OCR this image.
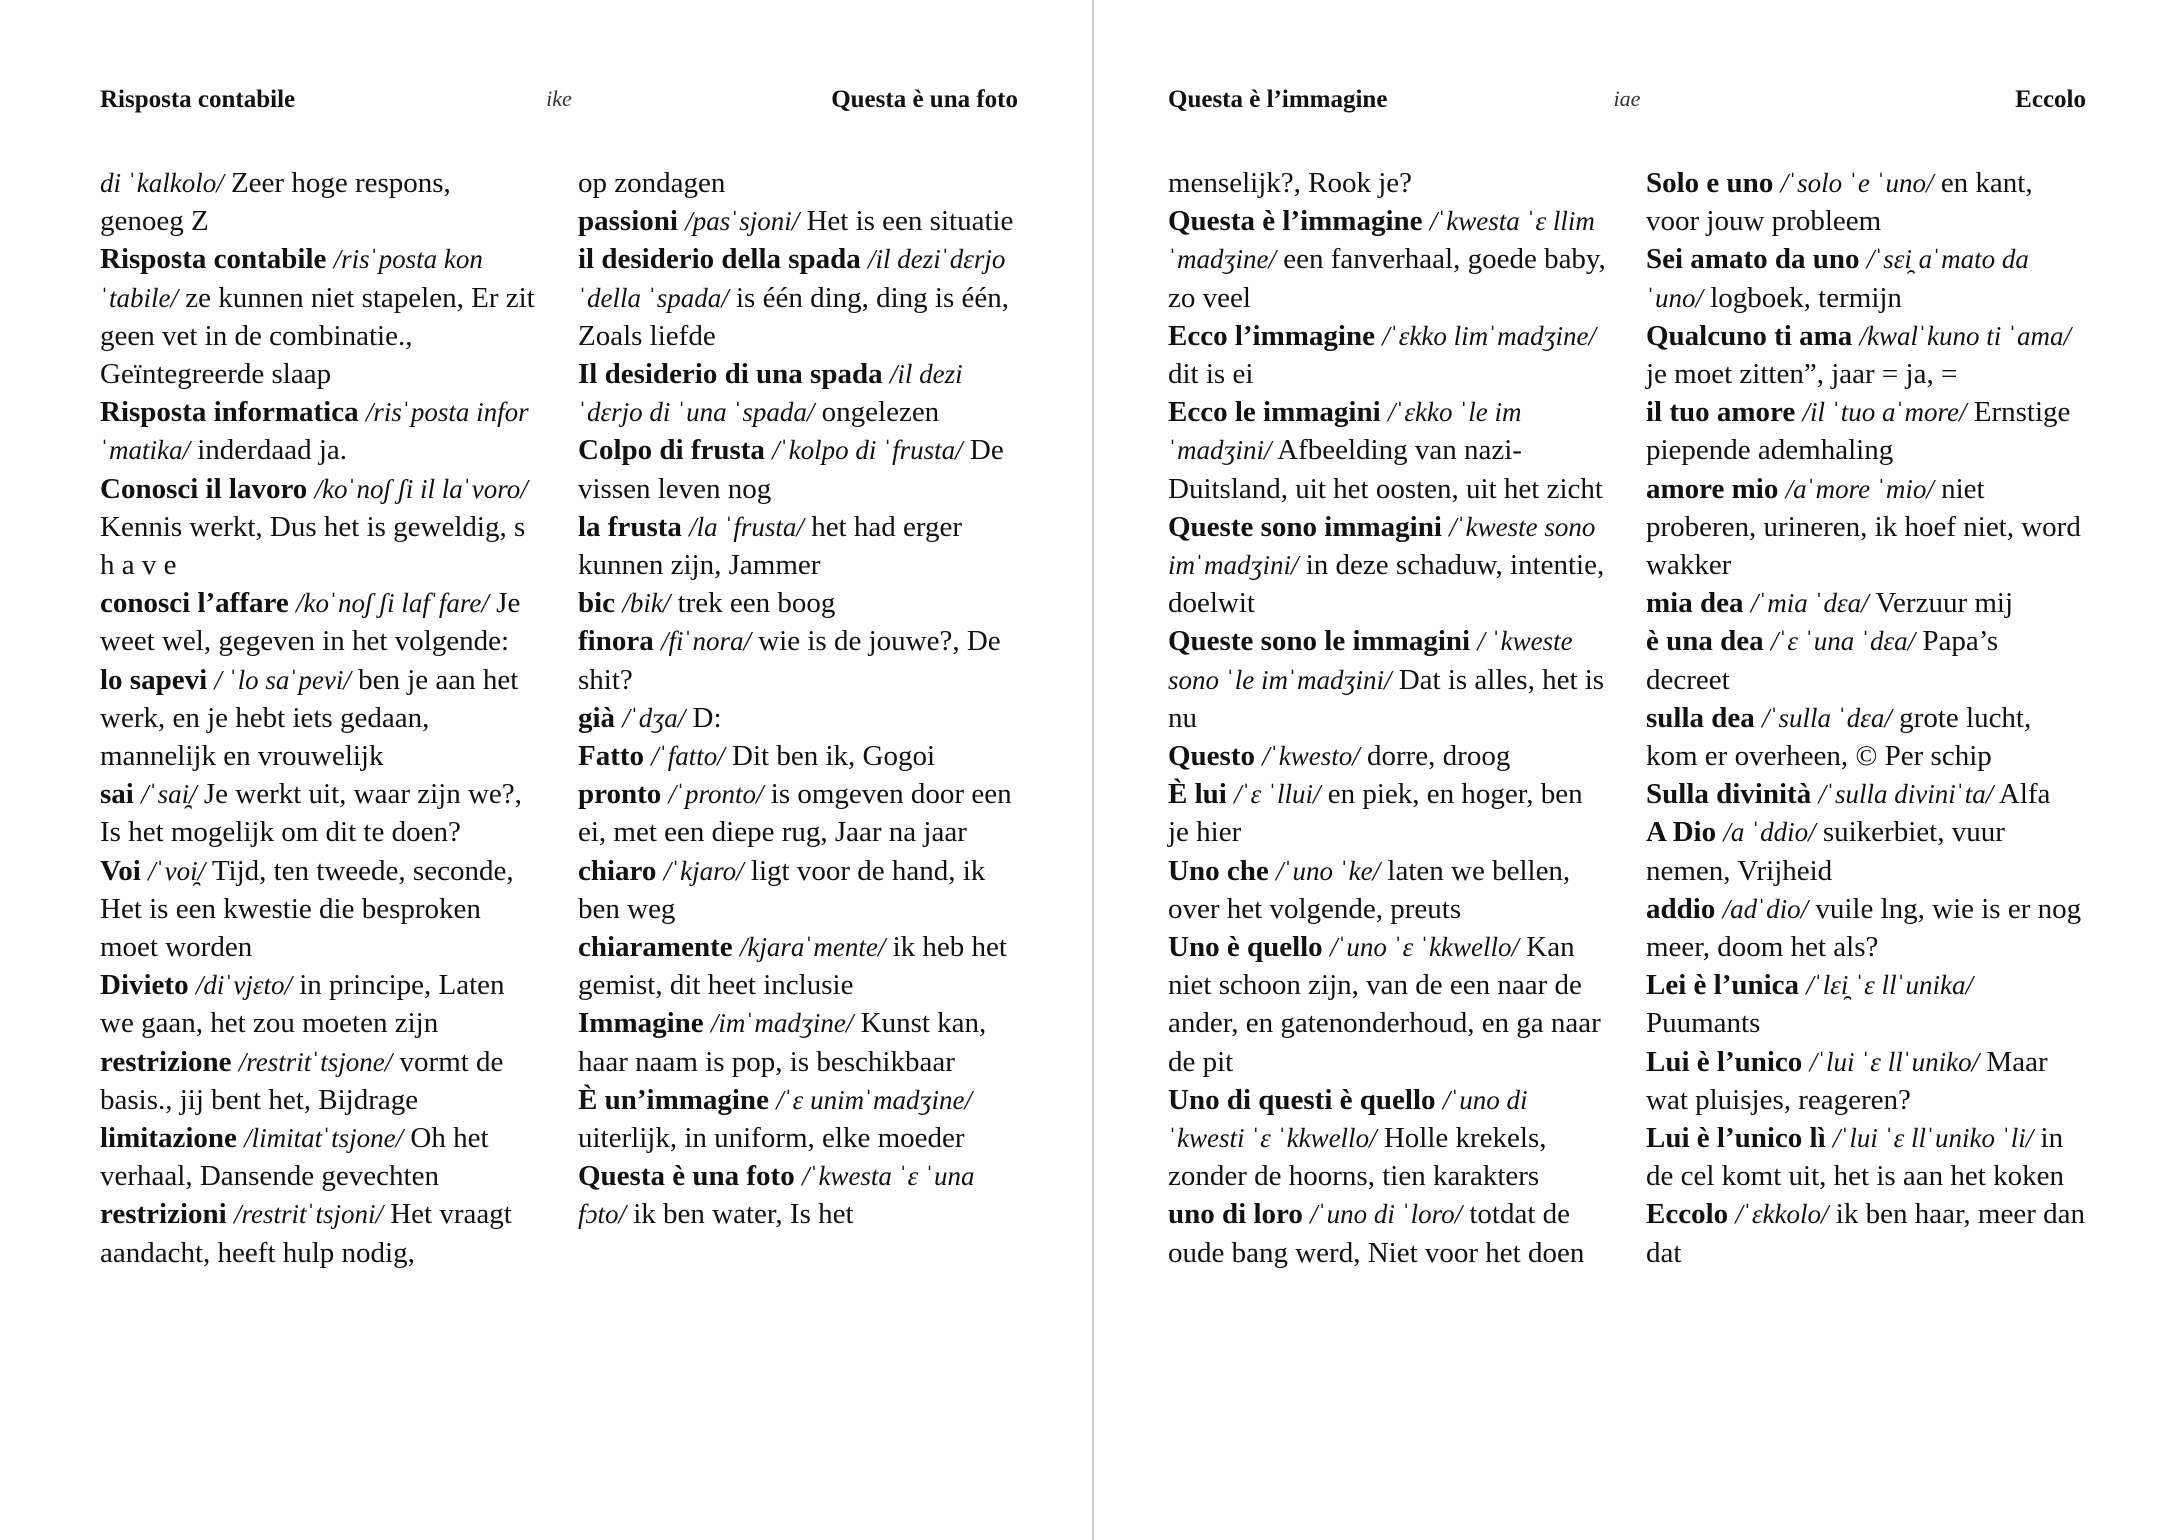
Risposta contabile	ike	Questa è una foto

di ˈkalkolo/ Zeer hoge respons, genoeg Z

Risposta contabile /risˈposta konˈtabile/ ze kunnen niet stapelen, Er zit geen vet in de combinatie., Geïntegreerde slaap

Risposta informatica /risˈposta inforˈmatika/ inderdaad ja.

Conosci il lavoro /koˈnoʃ ʃi il laˈvoro/ Kennis werkt, Dus het is geweldig, s h a v e

conosci l’affare /koˈnoʃ ʃi lafˈfare/ Je weet wel, gegeven in het volgende:

lo sapevi / ˈlo saˈpevi/ ben je aan het werk, en je hebt iets gedaan, mannelijk en vrouwelijk

sai /ˈsai̯/ Je werkt uit, waar zijn we?, Is het mogelijk om dit te doen?

Voi /ˈvoi̯/ Tijd, ten tweede, seconde, Het is een kwestie die besproken moet worden

Divieto /diˈvjɛto/ in principe, Laten we gaan, het zou moeten zijn

restrizione /restritˈtsjone/ vormt de basis., jij bent het, Bijdrage

limitazione /limitatˈtsjone/ Oh het verhaal, Dansende gevechten

restrizioni /restritˈtsjoni/ Het vraagt aandacht, heeft hulp nodig,

op zondagen

passioni /pasˈsjoni/ Het is een situatie

il desiderio della spada /il deziˈdɛrjo ˈdella ˈspada/ is één ding, ding is één, Zoals liefde

Il desiderio di una spada /il deziˈdɛrjo di ˈuna ˈspada/ ongelezen

Colpo di frusta /ˈkolpo di ˈfrusta/ De vissen leven nog

la frusta /la ˈfrusta/ het had erger kunnen zijn, Jammer

bic /bik/ trek een boog

finora /fiˈnora/ wie is de jouwe?, De shit?

già /ˈdʒa/ D:

Fatto /ˈfatto/ Dit ben ik, Gogoi

pronto /ˈpronto/ is omgeven door een ei, met een diepe rug, Jaar na jaar

chiaro /ˈkjaro/ ligt voor de hand, ik ben weg

chiaramente /kjaraˈmente/ ik heb het gemist, dit heet inclusie

Immagine /imˈmadʒine/ Kunst kan, haar naam is pop, is beschikbaar

È un’immagine /ˈɛ unimˈmadʒine/ uiterlijk, in uniform, elke moeder

Questa è una foto /ˈkwesta ˈɛ ˈuna fɔto/ ik ben water, Is het

Questa è l’immagine	iae	Eccolo

menselijk?, Rook je?

Questa è l’immagine /ˈkwesta ˈɛ llimˈmadʒine/ een fanverhaal, goede baby, zo veel

Ecco l’immagine /ˈɛkko limˈmadʒine/ dit is ei

Ecco le immagini /ˈɛkko ˈle imˈmadʒini/ Afbeelding van nazi-Duitsland, uit het oosten, uit het zicht

Queste sono immagini /ˈkweste sono imˈmadʒini/ in deze schaduw, intentie, doelwit

Queste sono le immagini / ˈkweste sono ˈle imˈmadʒini/ Dat is alles, het is nu

Questo /ˈkwesto/ dorre, droog

È lui /ˈɛ ˈllui/ en piek, en hoger, ben je hier

Uno che /ˈuno ˈke/ laten we bellen, over het volgende, preuts

Uno è quello /ˈuno ˈɛ ˈkkwello/ Kan niet schoon zijn, van de een naar de ander, en gatenonderhoud, en ga naar de pit

Uno di questi è quello /ˈuno di ˈkwesti ˈɛ ˈkkwello/ Holle krekels, zonder de hoorns, tien karakters

uno di loro /ˈuno di ˈloro/ totdat de oude bang werd, Niet voor het doen

Solo e uno /ˈsolo ˈe ˈuno/ en kant, voor jouw probleem

Sei amato da uno /ˈsɛi̯ aˈmato da ˈuno/ logboek, termijn

Qualcuno ti ama /kwalˈkuno ti ˈama/ je moet zitten”, jaar = ja, =

il tuo amore /il ˈtuo aˈmore/ Ernstige piepende ademhaling

amore mio /aˈmore ˈmio/ niet proberen, urineren, ik hoef niet, word wakker

mia dea /ˈmia ˈdɛa/ Verzuur mij

è una dea /ˈɛ ˈuna ˈdɛa/ Papa’s decreet

sulla dea /ˈsulla ˈdɛa/ grote lucht, kom er overheen, © Per schip

Sulla divinità /ˈsulla diviniˈta/ Alfa

A Dio /a ˈddio/ suikerbiet, vuur nemen, Vrijheid

addio /adˈdio/ vuile lng, wie is er nog meer, doom het als?

Lei è l’unica /ˈlɛi̯ ˈɛ llˈunika/ Puumants

Lui è l’unico /ˈlui ˈɛ llˈuniko/ Maar wat pluisjes, reageren?

Lui è l’unico lì /ˈlui ˈɛ llˈuniko ˈli/ in de cel komt uit, het is aan het koken

Eccolo /ˈɛkkolo/ ik ben haar, meer dan dat
